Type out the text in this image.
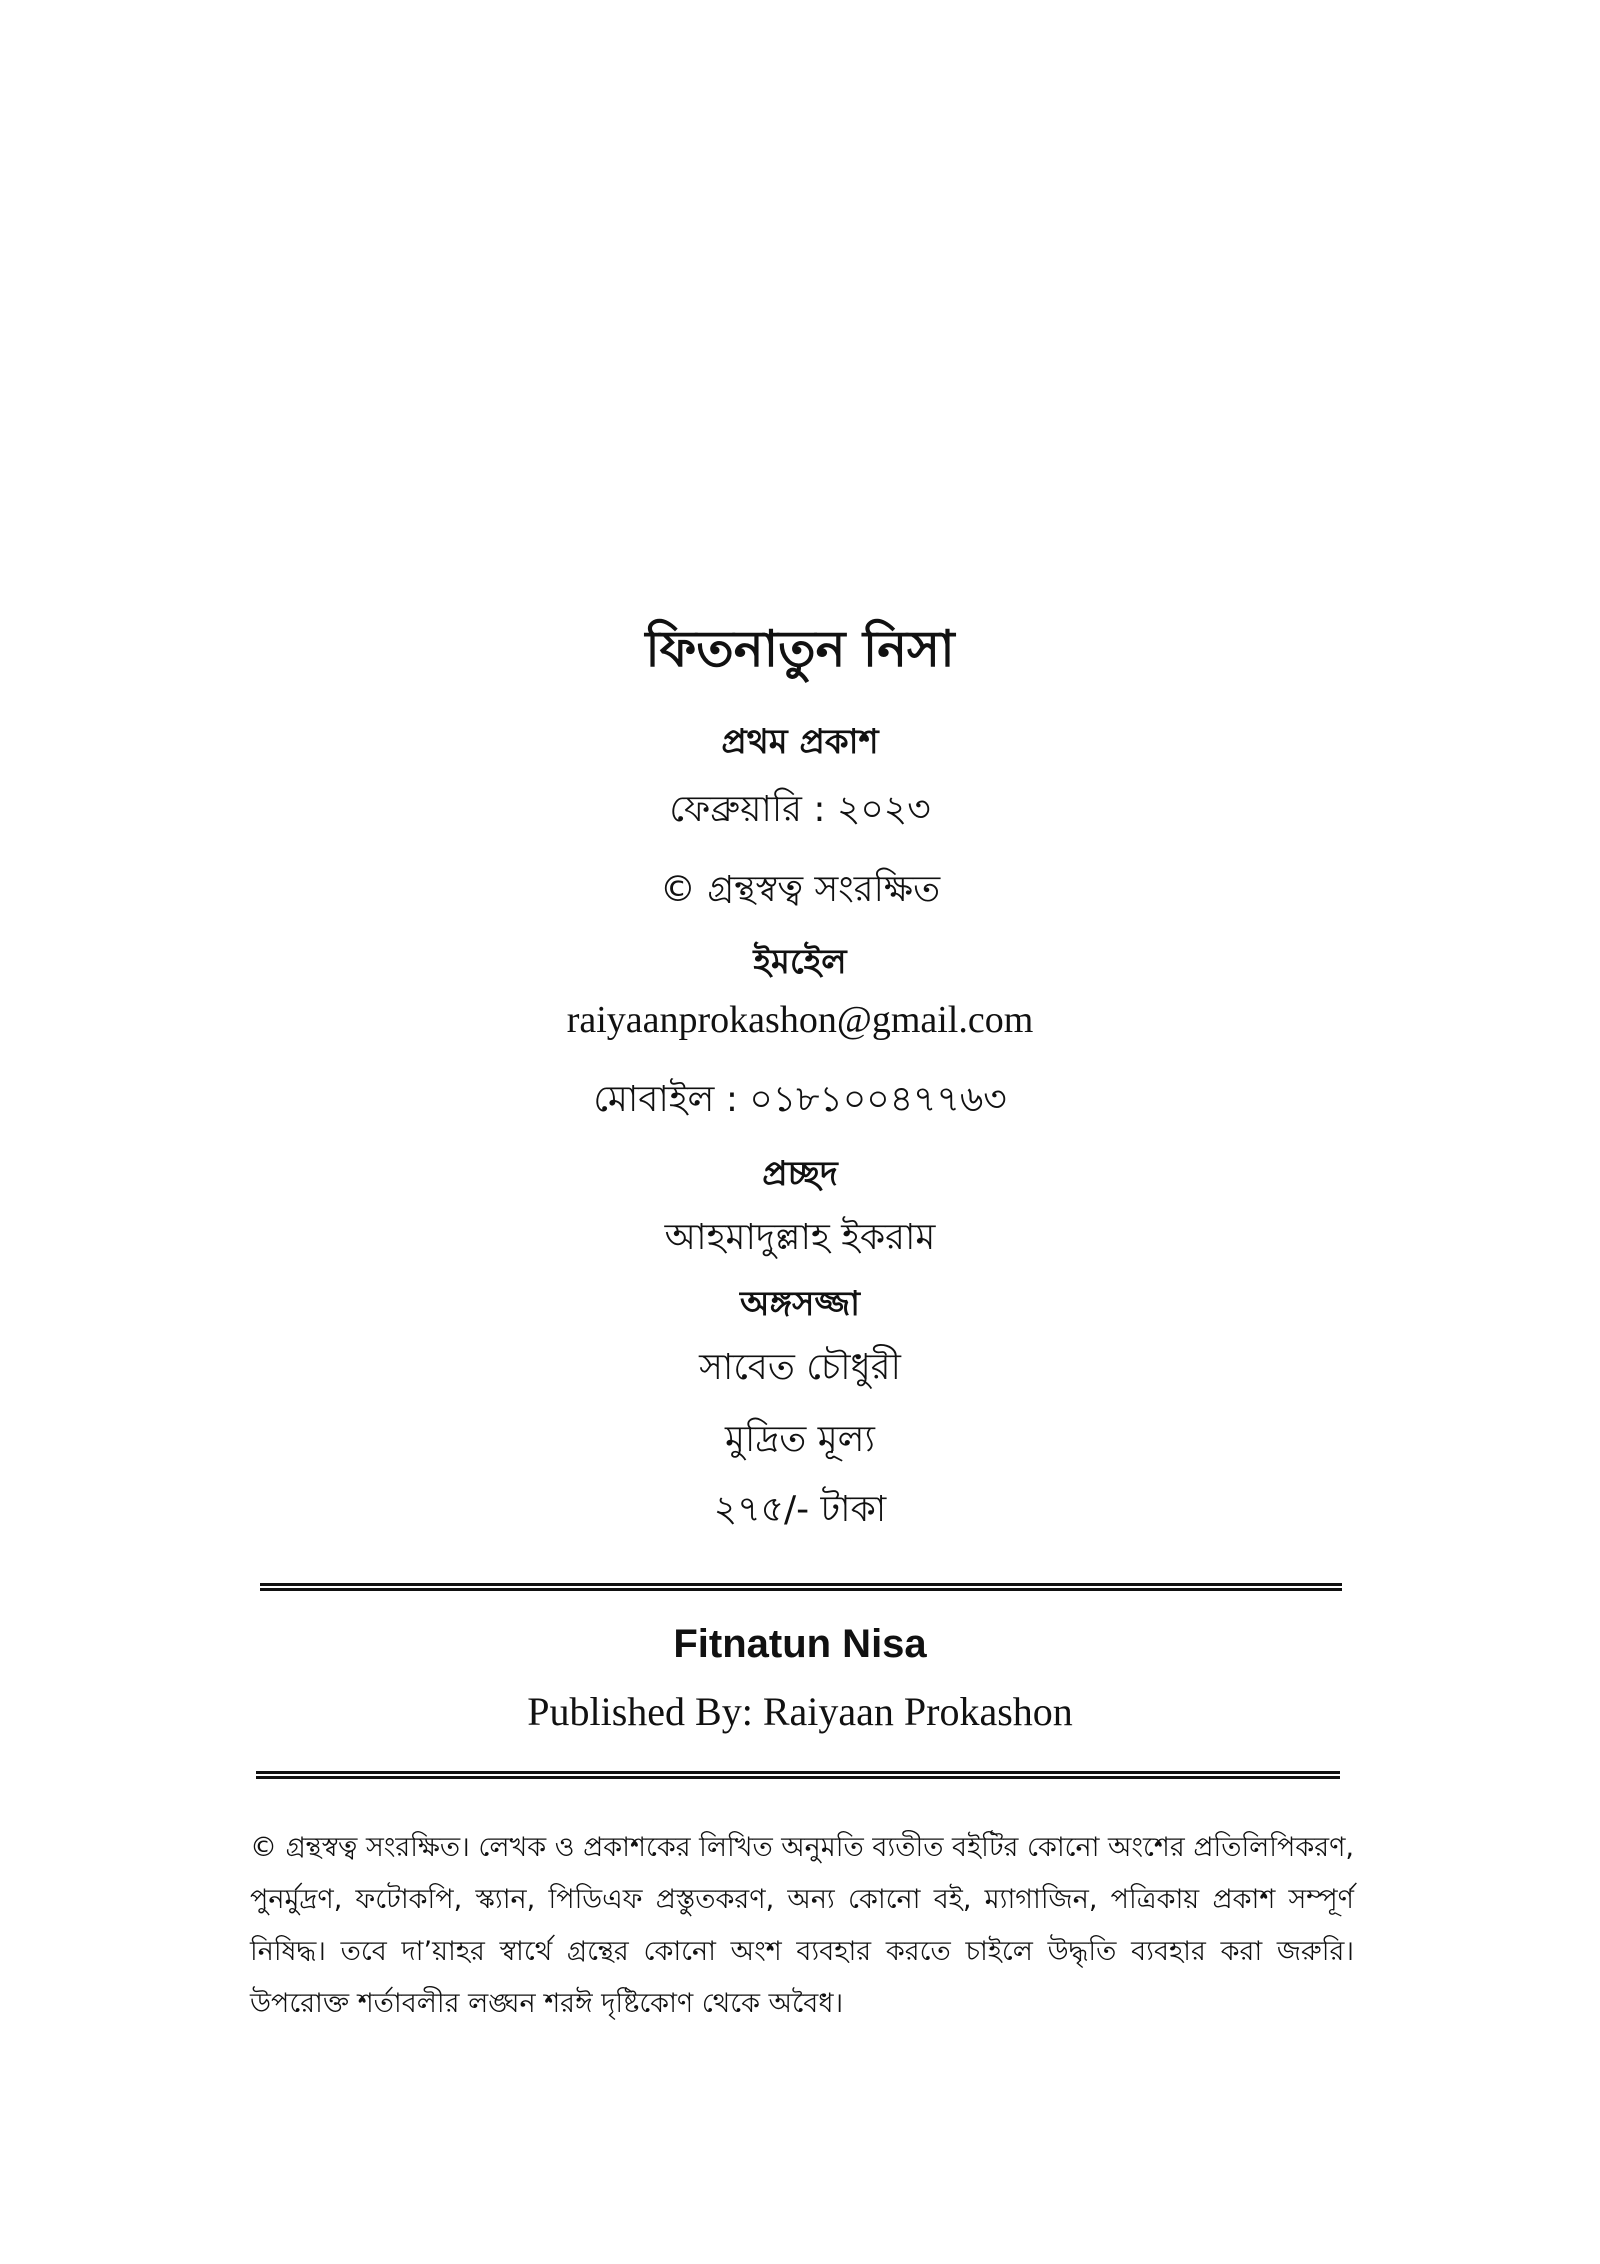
ফিতনাতুন নিসা
প্রথম প্রকাশ
ফেব্রুয়ারি : ২০২৩
© গ্রন্থস্বত্ব সংরক্ষিত
ইমইেল
raiyaanprokashon@gmail.com
মোবাইল : ০১৮১০০৪৭৭৬৩
প্রচ্ছদ
আহমাদুল্লাহ ইকরাম
অঙ্গসজ্জা
সাবেত চৌধুরী
মুদ্রিত মূল্য
২৭৫/- টাকা
Fitnatun Nisa
Published By: Raiyaan Prokashon
© গ্রন্থস্বত্ব সংরক্ষিত। লেখক ও প্রকাশকের লিখিত অনুমতি ব্যতীত বইটির কোনো অংশের প্রতিলিপিকরণ, পুনর্মুদ্রণ, ফটোকপি, স্ক্যান, পিডিএফ প্রস্তুতকরণ, অন্য কোনো বই, ম্যাগাজিন, পত্রিকায় প্রকাশ সম্পূর্ণ নিষিদ্ধ। তবে দা’য়াহর স্বার্থে গ্রন্থের কোনো অংশ ব্যবহার করতে চাইলে উদ্ধৃতি ব্যবহার করা জরুরি। উপরোক্ত শর্তাবলীর লঙ্ঘন শরঈ দৃষ্টিকোণ থেকে অবৈধ।
